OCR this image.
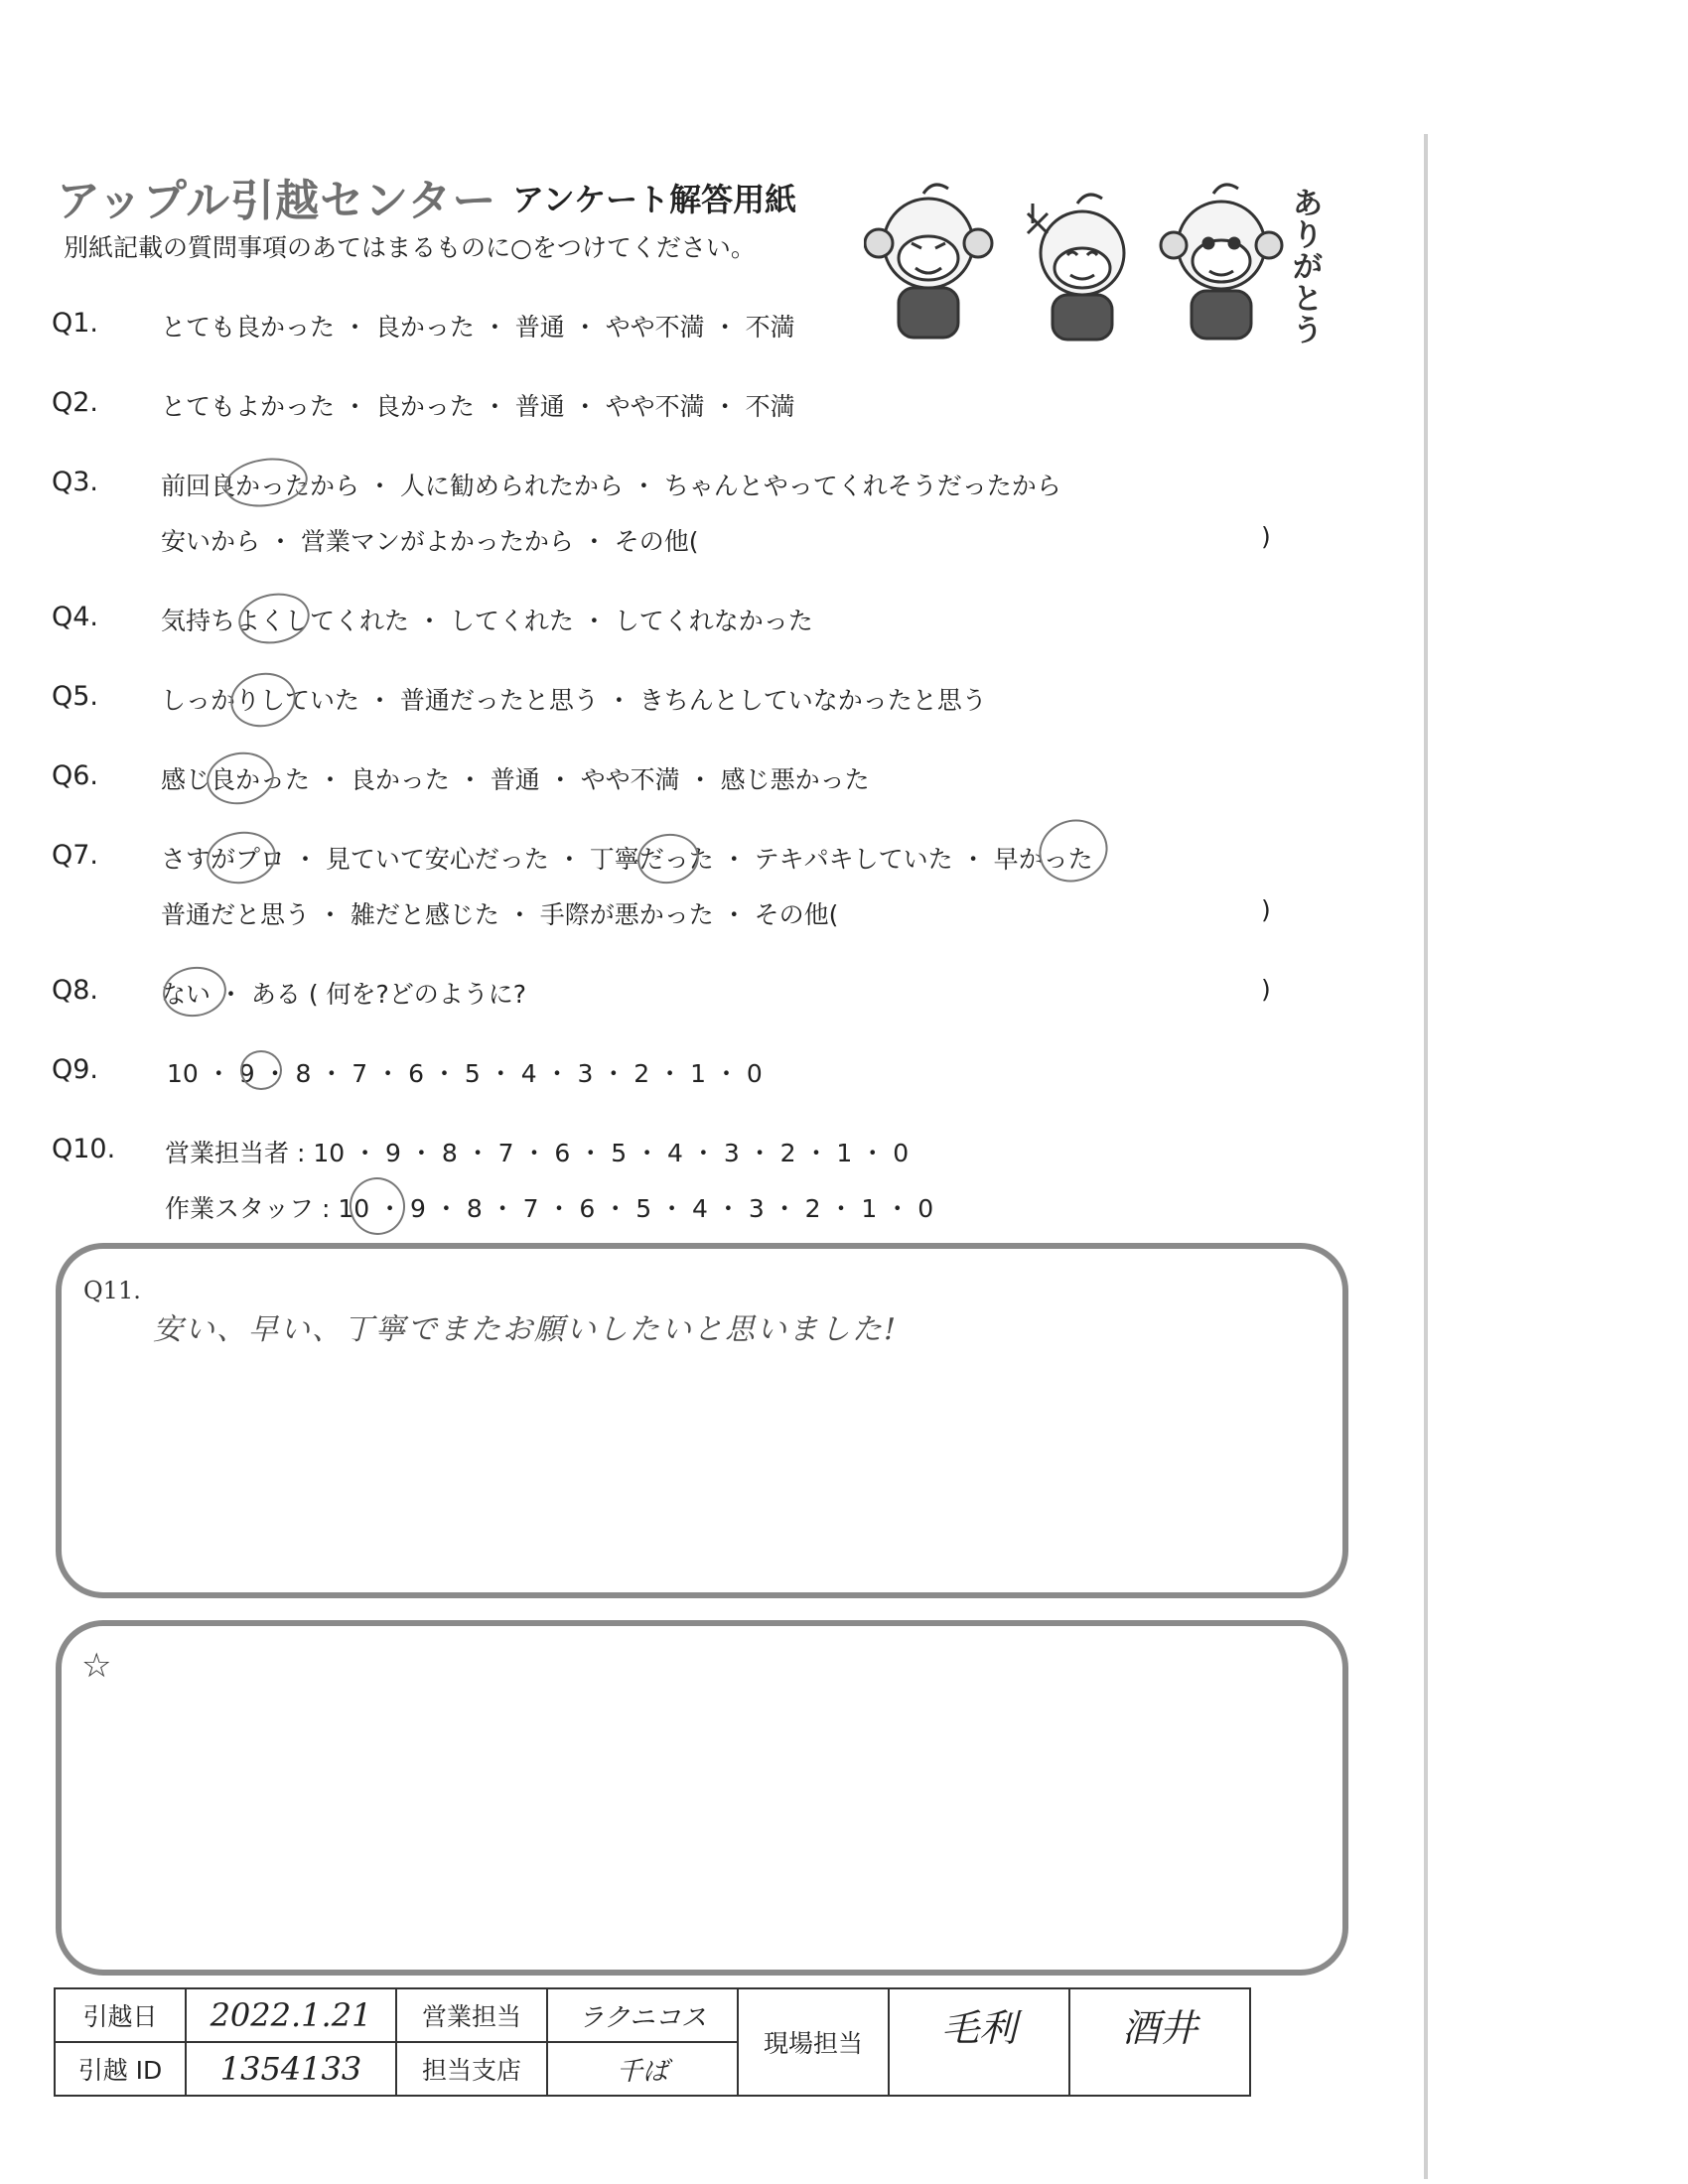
アップル引越センター アンケート解答用紙
別紙記載の質問事項のあてはまるものに○をつけてください。
ありがとう
Q1.	とても良かった ・ 良かった ・ 普通 ・ やや不満 ・ 不満
Q2.	とてもよかった ・ 良かった ・ 普通 ・ やや不満 ・ 不満
Q3.	前回良かったから ・ 人に勧められたから ・ ちゃんとやってくれそうだったから
安いから ・ 営業マンがよかったから ・ その他(	)
Q4.	気持ちよくしてくれた ・ してくれた ・ してくれなかった
Q5.	しっかりしていた ・ 普通だったと思う ・ きちんとしていなかったと思う
Q6.	感じ良かった ・ 良かった ・ 普通 ・ やや不満 ・ 感じ悪かった
Q7.	さすがプロ ・ 見ていて安心だった ・ 丁寧だった ・ テキパキしていた ・ 早かった
普通だと思う ・ 雑だと感じた ・ 手際が悪かった ・ その他(	)
Q8.	ない ・ ある ( 何を?どのように?	)
Q9.	10 ・ 9 ・ 8 ・ 7 ・ 6 ・ 5 ・ 4 ・ 3 ・ 2 ・ 1 ・ 0
Q10. 営業担当者 : 10 ・ 9 ・ 8 ・ 7 ・ 6 ・ 5 ・ 4 ・ 3 ・ 2 ・ 1 ・ 0
作業スタッフ : 10 ・ 9 ・ 8 ・ 7 ・ 6 ・ 5 ・ 4 ・ 3 ・ 2 ・ 1 ・ 0
Q11.
安い、早い、丁寧でまたお願いしたいと思いました!
☆
引越日	2022.1.21	営業担当	ラクニコス	現場担当	毛利	酒井
引越 ID	1354133	担当支店	千ば			
